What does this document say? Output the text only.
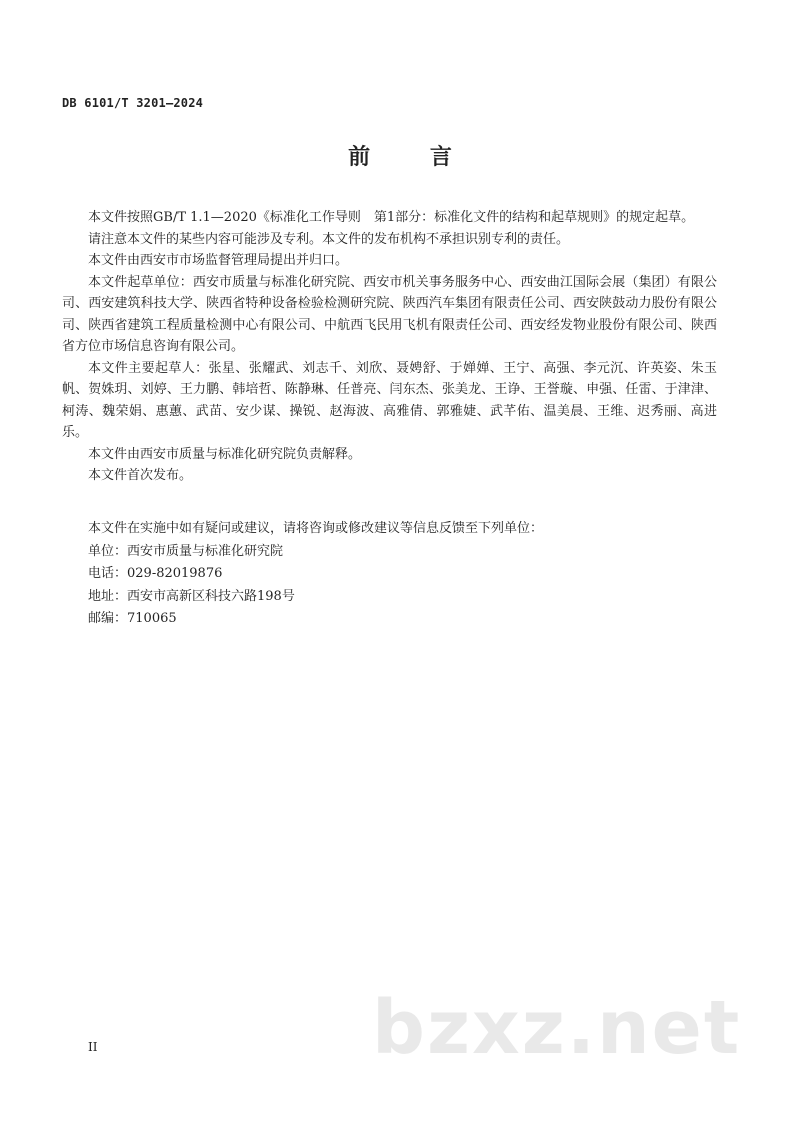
DB 6101/T 3201—2024
前 言

本文件按照GB/T 1.1—2020《标准化工作导则　第1部分：标准化文件的结构和起草规则》的规定起草。

请注意本文件的某些内容可能涉及专利。本文件的发布机构不承担识别专利的责任。

本文件由西安市市场监督管理局提出并归口。

本文件起草单位：西安市质量与标准化研究院、西安市机关事务服务中心、西安曲江国际会展（集团）有限公司、西安建筑科技大学、陕西省特种设备检验检测研究院、陕西汽车集团有限责任公司、西安陕鼓动力股份有限公司、陕西省建筑工程质量检测中心有限公司、中航西飞民用飞机有限责任公司、西安经发物业股份有限公司、陕西省方位市场信息咨询有限公司。

本文件主要起草人：张星、张耀武、刘志千、刘欣、聂娉舒、于婵婵、王宁、高强、李元沉、许英姿、朱玉帆、贺姝玥、刘婷、王力鹏、韩培哲、陈静琳、任普亮、闫东杰、张美龙、王诤、王誉璇、申强、任雷、于津津、柯涛、魏荣娟、惠蕙、武苗、安少谋、操锐、赵海波、高雅倩、郭雅婕、武芊佑、温美晨、王维、迟秀丽、高进乐。

本文件由西安市质量与标准化研究院负责解释。

本文件首次发布。

本文件在实施中如有疑问或建议，请将咨询或修改建议等信息反馈至下列单位：

单位：西安市质量与标准化研究院

电话：029-82019876

地址：西安市高新区科技六路198号

邮编：710065

II	bzxz.net
